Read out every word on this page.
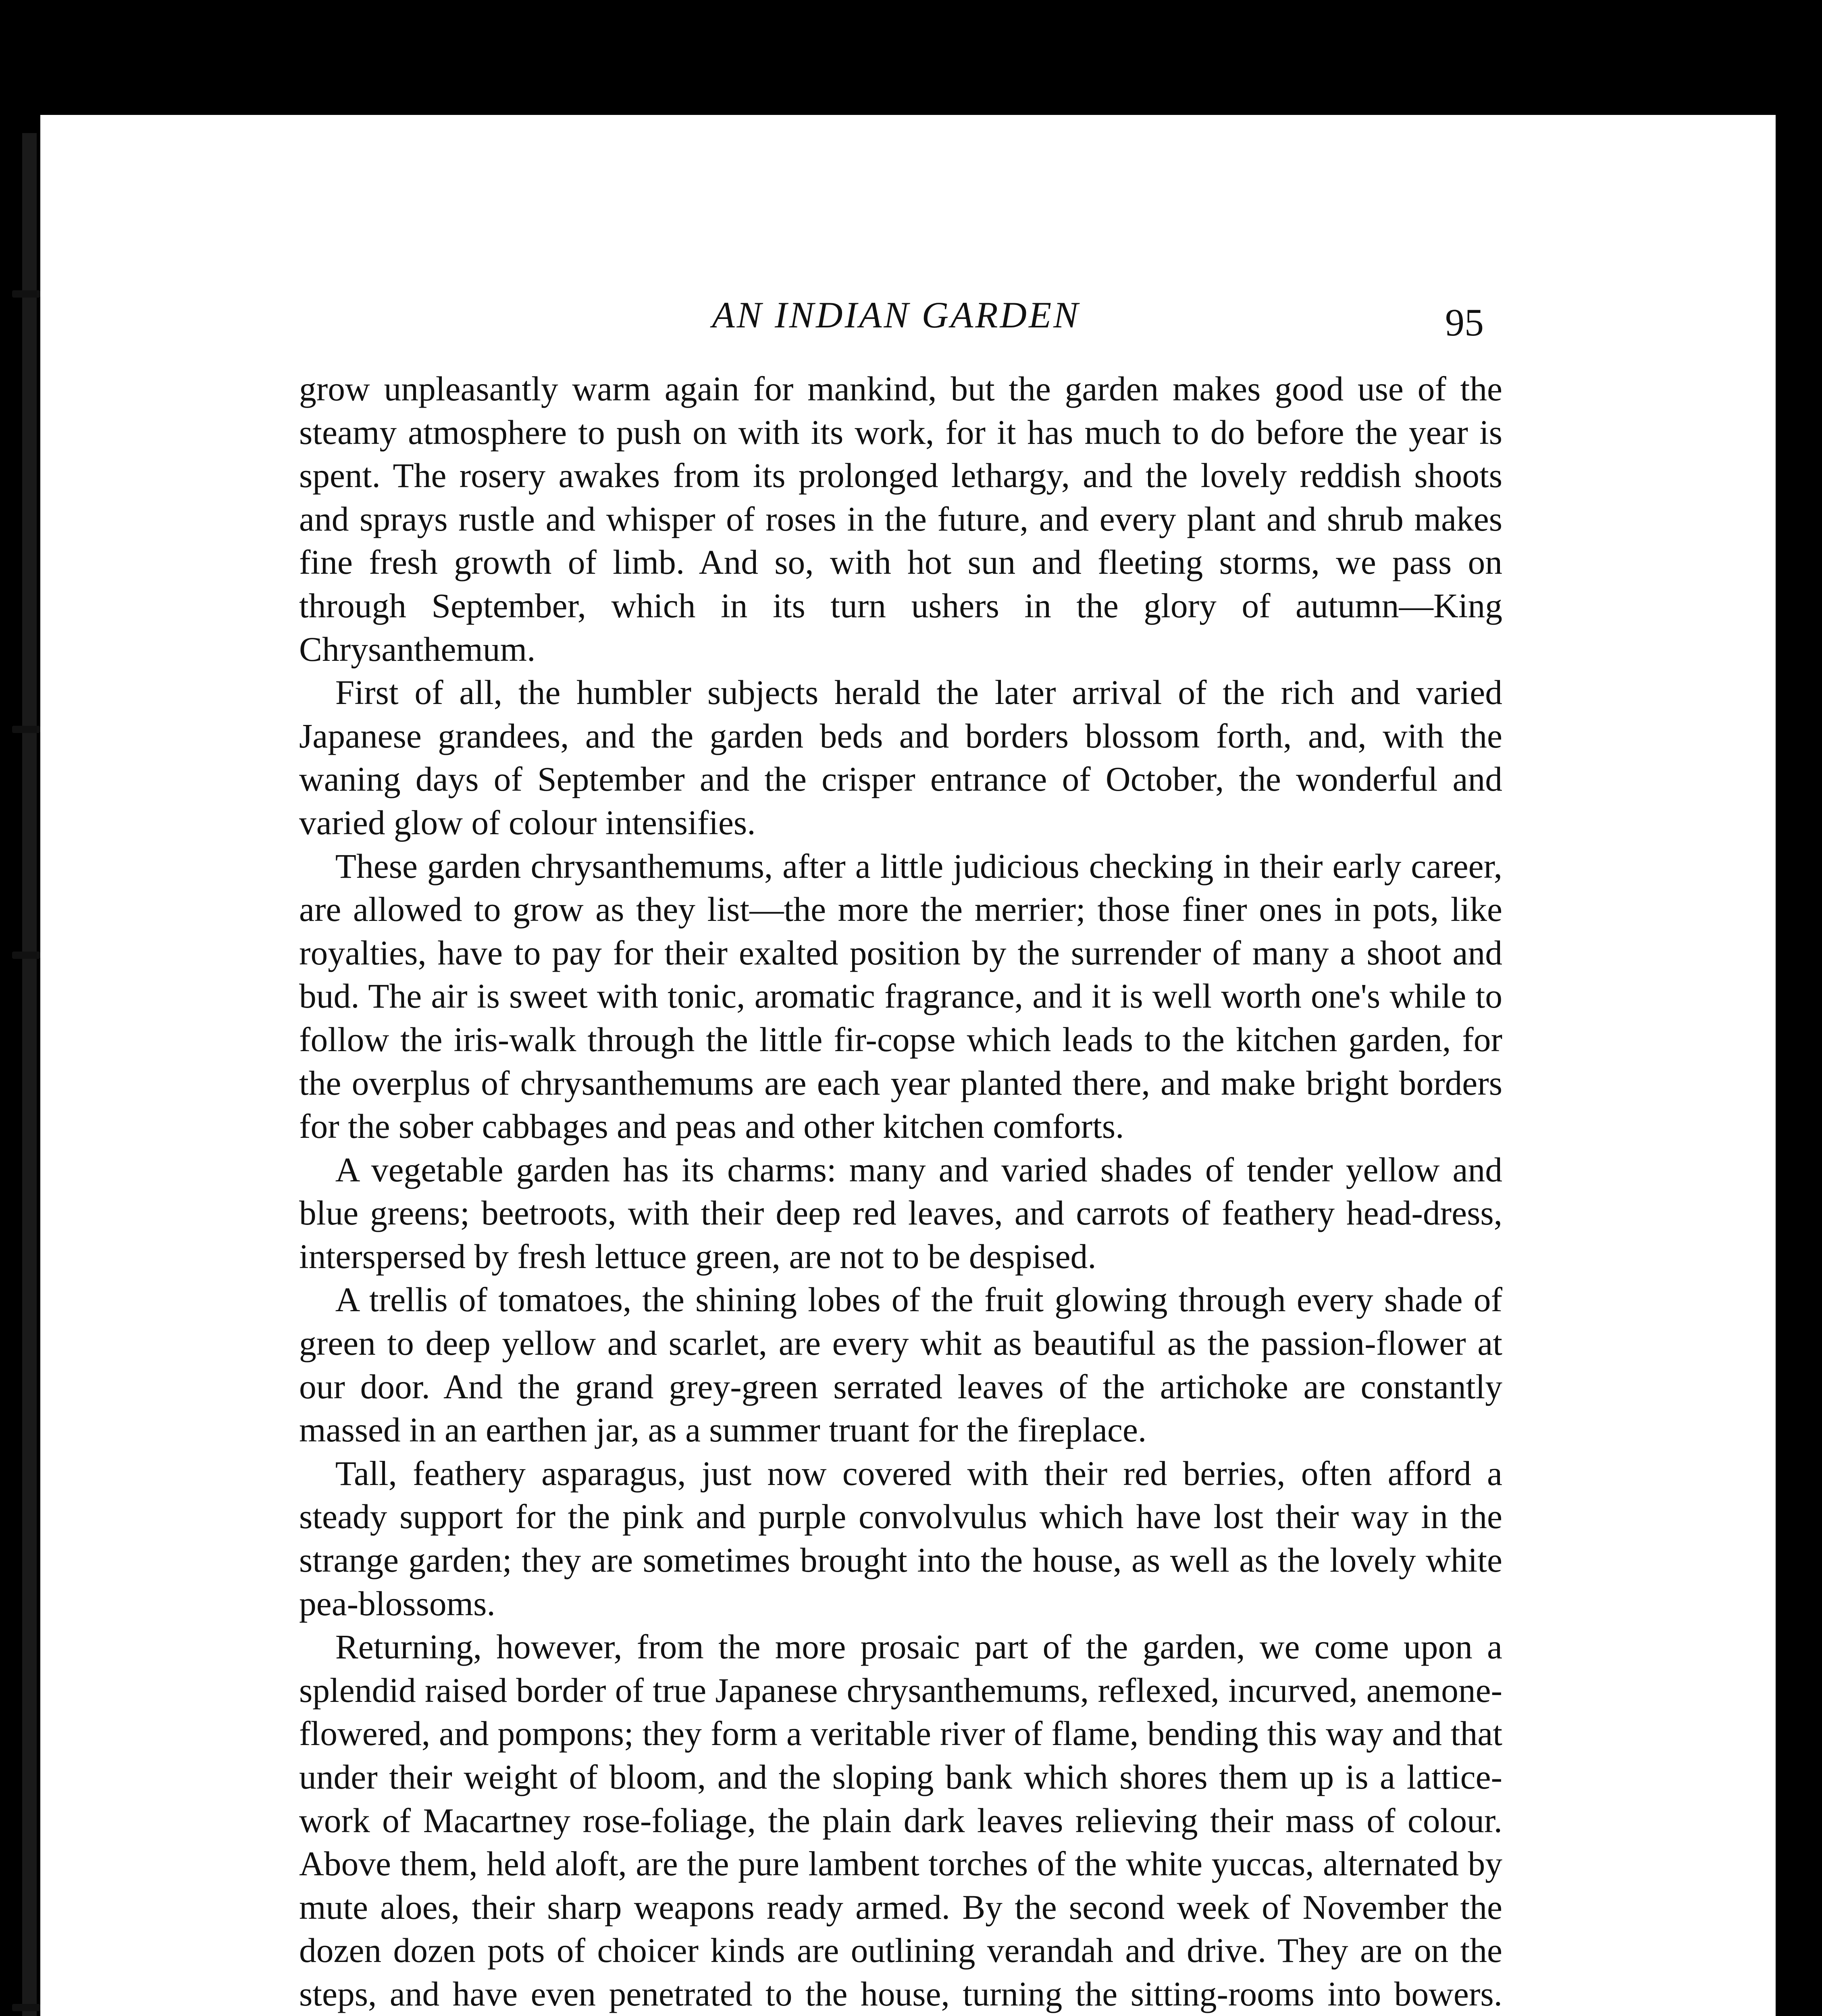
AN INDIAN GARDEN	95

grow unpleasantly warm again for mankind, but the garden makes good use of the steamy atmosphere to push on with its work, for it has much to do before the year is spent. The rosery awakes from its prolonged lethargy, and the lovely reddish shoots and sprays rustle and whisper of roses in the future, and every plant and shrub makes fine fresh growth of limb. And so, with hot sun and fleeting storms, we pass on through September, which in its turn ushers in the glory of autumn—King Chrysanthemum.

First of all, the humbler subjects herald the later arrival of the rich and varied Japanese grandees, and the garden beds and borders blossom forth, and, with the waning days of September and the crisper entrance of October, the wonderful and varied glow of colour intensifies.

These garden chrysanthemums, after a little judicious checking in their early career, are allowed to grow as they list—the more the merrier; those finer ones in pots, like royalties, have to pay for their exalted position by the surrender of many a shoot and bud. The air is sweet with tonic, aromatic fragrance, and it is well worth one's while to follow the iris-walk through the little fir-copse which leads to the kitchen garden, for the overplus of chrysanthemums are each year planted there, and make bright borders for the sober cabbages and peas and other kitchen comforts.

A vegetable garden has its charms: many and varied shades of tender yellow and blue greens; beetroots, with their deep red leaves, and carrots of feathery head-dress, interspersed by fresh lettuce green, are not to be despised.

A trellis of tomatoes, the shining lobes of the fruit glowing through every shade of green to deep yellow and scarlet, are every whit as beautiful as the passion-flower at our door. And the grand grey-green serrated leaves of the artichoke are constantly massed in an earthen jar, as a summer truant for the fireplace.

Tall, feathery asparagus, just now covered with their red berries, often afford a steady support for the pink and purple convolvulus which have lost their way in the strange garden; they are sometimes brought into the house, as well as the lovely white pea-blossoms.

Returning, however, from the more prosaic part of the garden, we come upon a splendid raised border of true Japanese chrysanthemums, reflexed, incurved, anemone-flowered, and pompons; they form a veritable river of flame, bending this way and that under their weight of bloom, and the sloping bank which shores them up is a lattice-work of Macartney rose-foliage, the plain dark leaves relieving their mass of colour. Above them, held aloft, are the pure lambent torches of the white yuccas, alternated by mute aloes, their sharp weapons ready armed. By the second week of November the dozen dozen pots of choicer kinds are outlining verandah and drive. They are on the steps, and have even penetrated to the house, turning the sitting-rooms into bowers.
